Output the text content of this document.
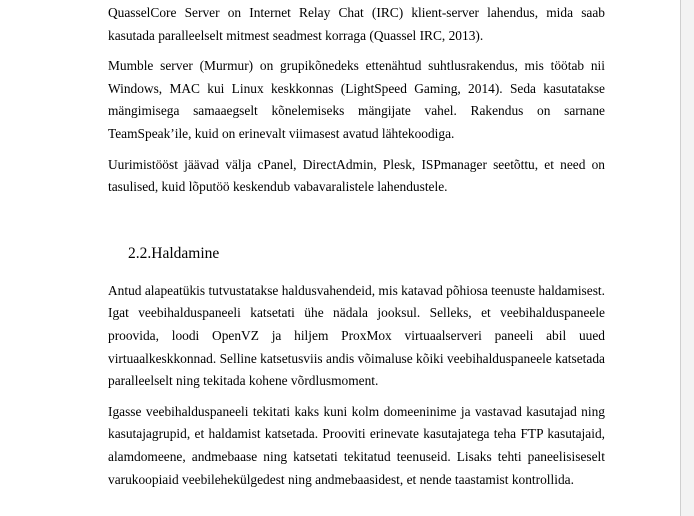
QuasselCore Server on Internet Relay Chat (IRC) klient-server lahendus, mida saab kasutada paralleelselt mitmest seadmest korraga (Quassel IRC, 2013).

Mumble server (Murmur) on grupikõnedeks ettenähtud suhtlusrakendus, mis töötab nii Windows, MAC kui Linux keskkonnas (LightSpeed Gaming, 2014). Seda kasutatakse mängimisega samaaegselt kõnelemiseks mängijate vahel. Rakendus on sarnane TeamSpeak’ile, kuid on erinevalt viimasest avatud lähtekoodiga.

Uurimistööst jäävad välja cPanel, DirectAdmin, Plesk, ISPmanager seetõttu, et need on tasulised, kuid lõputöö keskendub vabavaralistele lahendustele.

2.2.Haldamine

Antud alapeatükis tutvustatakse haldusvahendeid, mis katavad põhiosa teenuste haldamisest. Igat veebihalduspaneeli katsetati ühe nädala jooksul. Selleks, et veebihalduspaneele proovida, loodi OpenVZ ja hiljem ProxMox virtuaalserveri paneeli abil uued virtuaalkeskkonnad. Selline katsetusviis andis võimaluse kõiki veebihalduspaneele katsetada paralleelselt ning tekitada kohene võrdlusmoment.

Igasse veebihalduspaneeli tekitati kaks kuni kolm domeeninime ja vastavad kasutajad ning kasutajagrupid, et haldamist katsetada. Prooviti erinevate kasutajatega teha FTP kasutajaid, alamdomeene, andmebaase ning katsetati tekitatud teenuseid. Lisaks tehti paneelisiseselt varukoopiaid veebilehekülgedest ning andmebaasidest, et nende taastamist kontrollida.
